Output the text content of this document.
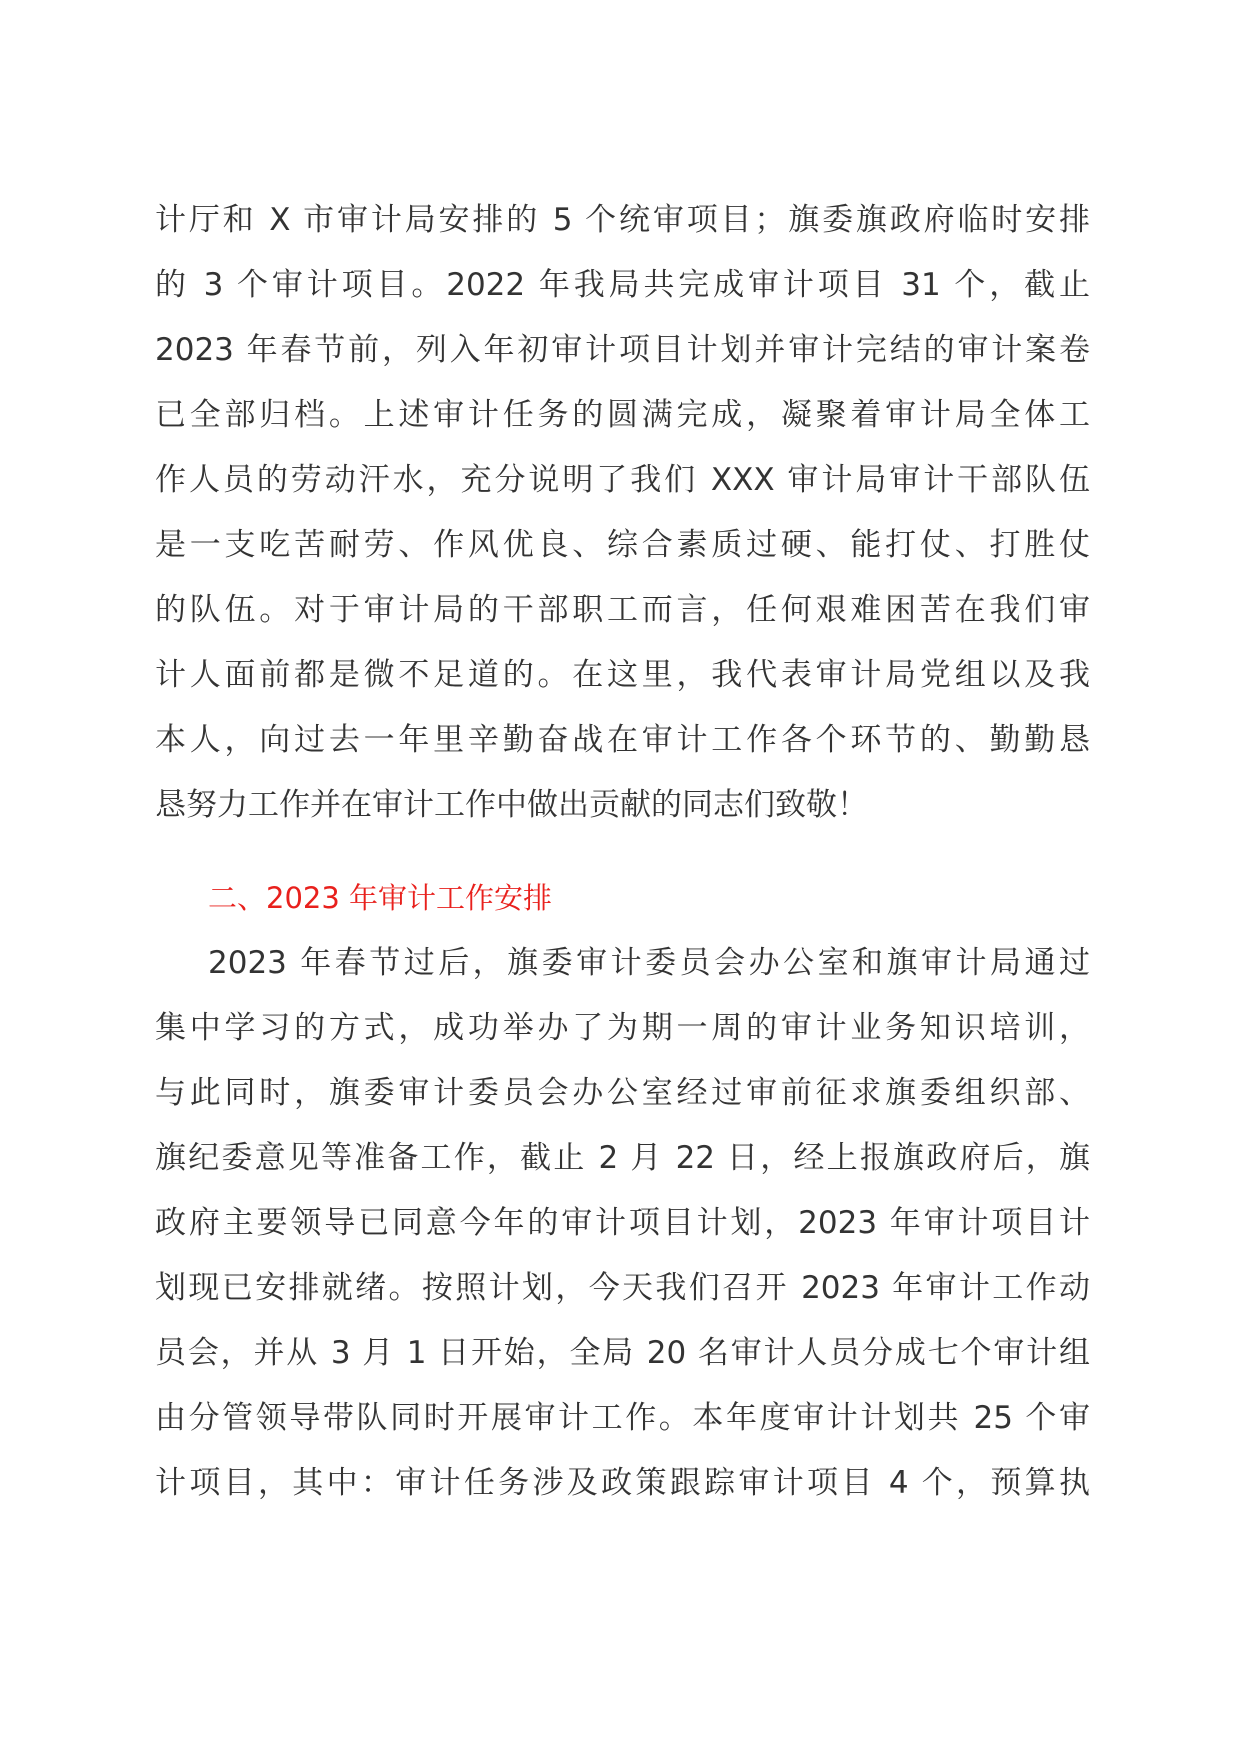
计厅和 X 市审计局安排的 5 个统审项目；旗委旗政府临时安排
的 3 个审计项目。2022 年我局共完成审计项目 31 个，截止
2023 年春节前，列入年初审计项目计划并审计完结的审计案卷
已全部归档。上述审计任务的圆满完成，凝聚着审计局全体工
作人员的劳动汗水，充分说明了我们 XXX 审计局审计干部队伍
是一支吃苦耐劳、作风优良、综合素质过硬、能打仗、打胜仗
的队伍。对于审计局的干部职工而言，任何艰难困苦在我们审
计人面前都是微不足道的。在这里，我代表审计局党组以及我
本人，向过去一年里辛勤奋战在审计工作各个环节的、勤勤恳
恳努力工作并在审计工作中做出贡献的同志们致敬！
二、2023 年审计工作安排
2023 年春节过后，旗委审计委员会办公室和旗审计局通过
集中学习的方式，成功举办了为期一周的审计业务知识培训，
与此同时，旗委审计委员会办公室经过审前征求旗委组织部、
旗纪委意见等准备工作，截止 2 月 22 日，经上报旗政府后，旗
政府主要领导已同意今年的审计项目计划，2023 年审计项目计
划现已安排就绪。按照计划，今天我们召开 2023 年审计工作动
员会，并从 3 月 1 日开始，全局 20 名审计人员分成七个审计组
由分管领导带队同时开展审计工作。本年度审计计划共 25 个审
计项目，其中：审计任务涉及政策跟踪审计项目 4 个，预算执
